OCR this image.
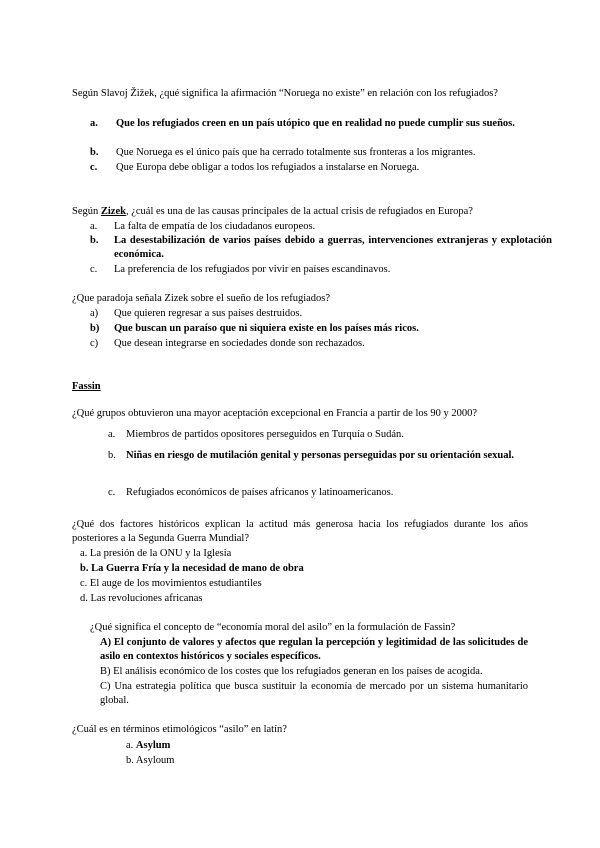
Según Slavoj Žižek, ¿qué significa la afirmación “Noruega no existe” en relación con los refugiados?
a. Que los refugiados creen en un país utópico que en realidad no puede cumplir sus sueños.
b. Que Noruega es el único país que ha cerrado totalmente sus fronteras a los migrantes.
c. Que Europa debe obligar a todos los refugiados a instalarse en Noruega.
Según Zizek, ¿cuál es una de las causas principales de la actual crisis de refugiados en Europa?
a. La falta de empatía de los ciudadanos europeos.
b. La desestabilización de varios países debido a guerras, intervenciones extranjeras y explotación económica.
c. La preferencia de los refugiados por vivir en países escandinavos.
¿Que paradoja señala Zizek sobre el sueño de los refugiados?
a) Que quieren regresar a sus países destruidos.
b) Que buscan un paraíso que ni siquiera existe en los países más ricos.
c) Que desean integrarse en sociedades donde son rechazados.
Fassin
¿Qué grupos obtuvieron una mayor aceptación excepcional en Francia a partir de los 90 y 2000?
a. Miembros de partidos opositores perseguidos en Turquía o Sudán.
b. Niñas en riesgo de mutilación genital y personas perseguidas por su orientación sexual.
c. Refugiados económicos de países africanos y latinoamericanos.
¿Qué dos factores históricos explican la actitud más generosa hacia los refugiados durante los años posteriores a la Segunda Guerra Mundial?
a. La presión de la ONU y la Iglesia
b. La Guerra Fría y la necesidad de mano de obra
c. El auge de los movimientos estudiantiles
d. Las revoluciones africanas
¿Qué significa el concepto de “economía moral del asilo” en la formulación de Fassin?
A) El conjunto de valores y afectos que regulan la percepción y legitimidad de las solicitudes de asilo en contextos históricos y sociales específicos.
B) El análisis económico de los costes que los refugiados generan en los países de acogida.
C) Una estrategia política que busca sustituir la economía de mercado por un sistema humanitario global.
¿Cuál es en términos etimológicos “asilo” en latín?
a. Asylum
b. Asyloum
